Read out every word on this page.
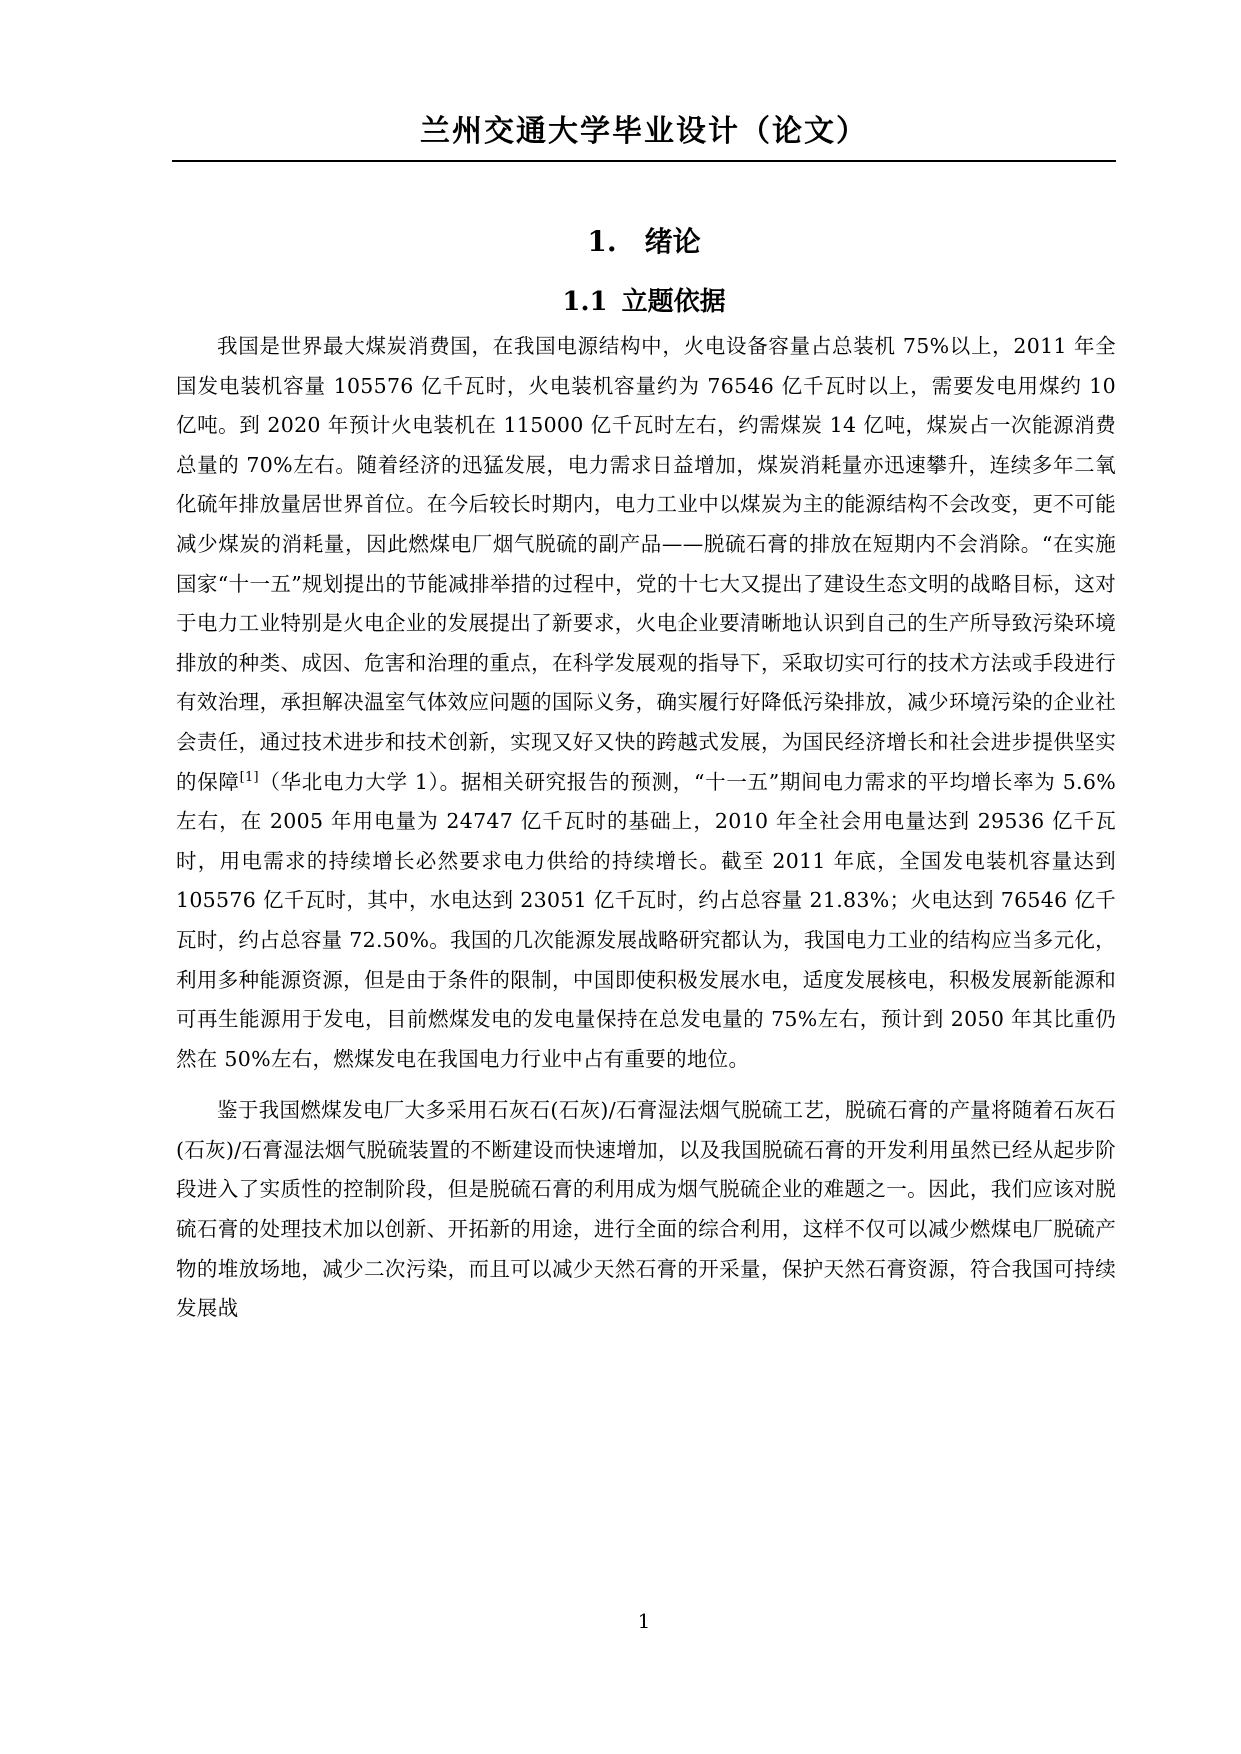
兰州交通大学毕业设计（论文）
1. 绪论
1.1 立题依据

我国是世界最大煤炭消费国，在我国电源结构中，火电设备容量占总装机 75%以上，2011 年全国发电装机容量 105576 亿千瓦时，火电装机容量约为 76546 亿千瓦时以上，需要发电用煤约 10 亿吨。到 2020 年预计火电装机在 115000 亿千瓦时左右，约需煤炭 14 亿吨，煤炭占一次能源消费总量的 70%左右。随着经济的迅猛发展，电力需求日益增加，煤炭消耗量亦迅速攀升，连续多年二氧化硫年排放量居世界首位。在今后较长时期内，电力工业中以煤炭为主的能源结构不会改变，更不可能减少煤炭的消耗量，因此燃煤电厂烟气脱硫的副产品——脱硫石膏的排放在短期内不会消除。“在实施国家“十一五”规划提出的节能减排举措的过程中，党的十七大又提出了建设生态文明的战略目标，这对于电力工业特别是火电企业的发展提出了新要求，火电企业要清晰地认识到自己的生产所导致污染环境排放的种类、成因、危害和治理的重点，在科学发展观的指导下，采取切实可行的技术方法或手段进行有效治理，承担解决温室气体效应问题的国际义务，确实履行好降低污染排放，减少环境污染的企业社会责任，通过技术进步和技术创新，实现又好又快的跨越式发展，为国民经济增长和社会进步提供坚实的保障[1]（华北电力大学 1）。据相关研究报告的预测，“十一五”期间电力需求的平均增长率为 5.6%左右，在 2005 年用电量为 24747 亿千瓦时的基础上，2010 年全社会用电量达到 29536 亿千瓦时，用电需求的持续增长必然要求电力供给的持续增长。截至 2011 年底，全国发电装机容量达到 105576 亿千瓦时，其中，水电达到 23051 亿千瓦时，约占总容量 21.83%；火电达到 76546 亿千瓦时，约占总容量 72.50%。我国的几次能源发展战略研究都认为，我国电力工业的结构应当多元化，利用多种能源资源，但是由于条件的限制，中国即使积极发展水电，适度发展核电，积极发展新能源和可再生能源用于发电，目前燃煤发电的发电量保持在总发电量的 75%左右，预计到 2050 年其比重仍然在 50%左右，燃煤发电在我国电力行业中占有重要的地位。

鉴于我国燃煤发电厂大多采用石灰石(石灰)/石膏湿法烟气脱硫工艺，脱硫石膏的产量将随着石灰石(石灰)/石膏湿法烟气脱硫装置的不断建设而快速增加，以及我国脱硫石膏的开发利用虽然已经从起步阶段进入了实质性的控制阶段，但是脱硫石膏的利用成为烟气脱硫企业的难题之一。因此，我们应该对脱硫石膏的处理技术加以创新、开拓新的用途，进行全面的综合利用，这样不仅可以减少燃煤电厂脱硫产物的堆放场地，减少二次污染，而且可以减少天然石膏的开采量，保护天然石膏资源，符合我国可持续发展战

1
